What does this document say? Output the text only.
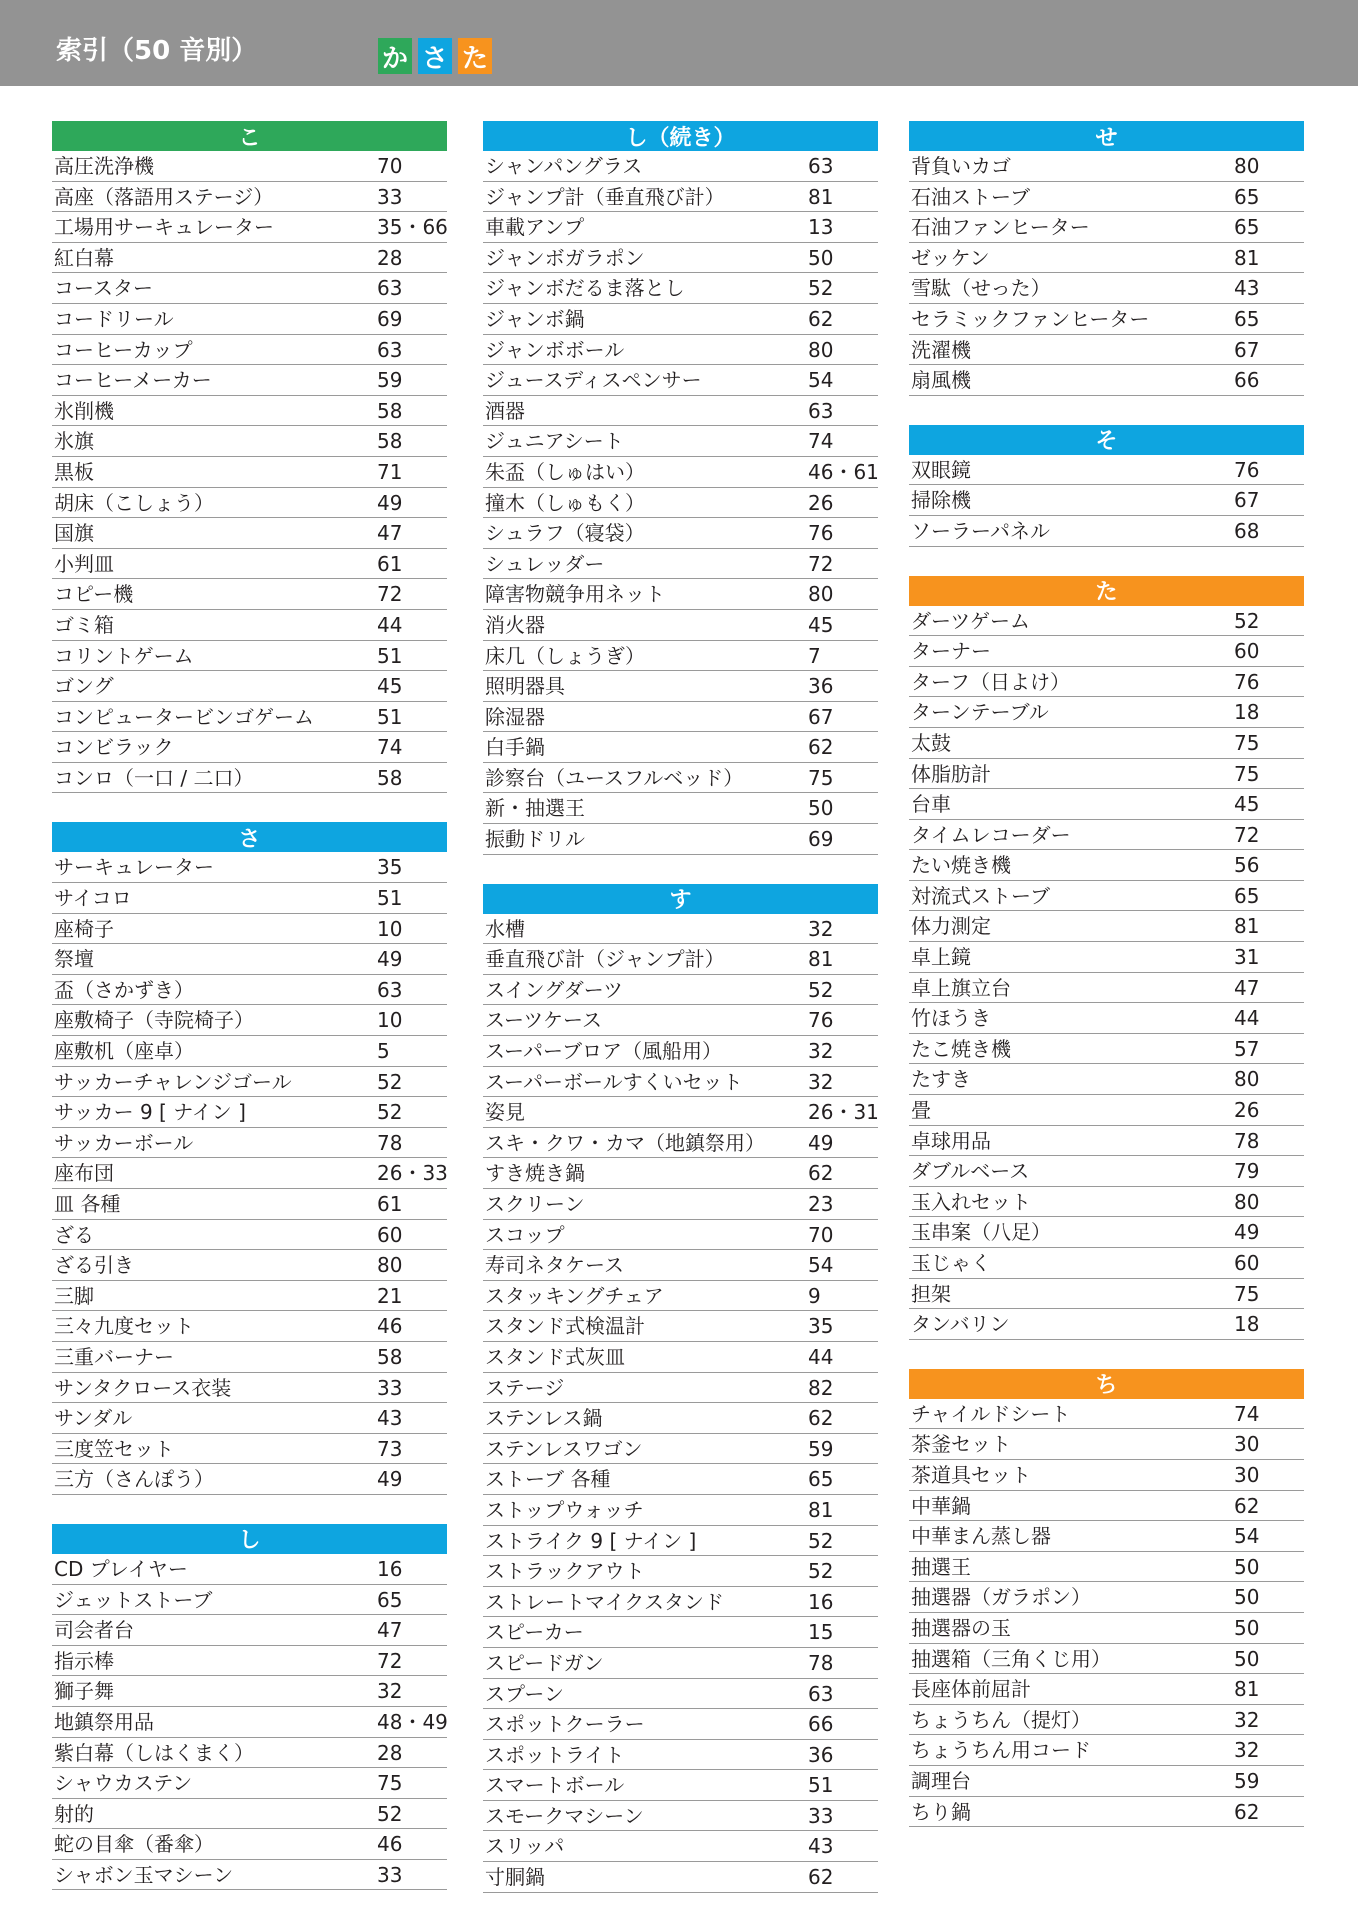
索引（50 音別）	か さ た
こ
高圧洗浄機	70
高座（落語用ステージ）	33
工場用サーキュレーター	35・66
紅白幕	28
コースター	63
コードリール	69
コーヒーカップ	63
コーヒーメーカー	59
氷削機	58
氷旗	58
黒板	71
胡床（こしょう）	49
国旗	47
小判皿	61
コピー機	72
ゴミ箱	44
コリントゲーム	51
ゴング	45
コンピュータービンゴゲーム	51
コンビラック	74
コンロ（一口 / 二口）	58
さ
サーキュレーター	35
サイコロ	51
座椅子	10
祭壇	49
盃（さかずき）	63
座敷椅子（寺院椅子）	10
座敷机（座卓）	5
サッカーチャレンジゴール	52
サッカー 9 [ ナイン ]	52
サッカーボール	78
座布団	26・33
皿 各種	61
ざる	60
ざる引き	80
三脚	21
三々九度セット	46
三重バーナー	58
サンタクロース衣装	33
サンダル	43
三度笠セット	73
三方（さんぽう）	49
し
CD プレイヤー	16
ジェットストーブ	65
司会者台	47
指示棒	72
獅子舞	32
地鎮祭用品	48・49
紫白幕（しはくまく）	28
シャウカステン	75
射的	52
蛇の目傘（番傘）	46
シャボン玉マシーン	33
し（続き）
シャンパングラス	63
ジャンプ計（垂直飛び計）	81
車載アンプ	13
ジャンボガラポン	50
ジャンボだるま落とし	52
ジャンボ鍋	62
ジャンボボール	80
ジュースディスペンサー	54
酒器	63
ジュニアシート	74
朱盃（しゅはい）	46・61
撞木（しゅもく）	26
シュラフ（寝袋）	76
シュレッダー	72
障害物競争用ネット	80
消火器	45
床几（しょうぎ）	7
照明器具	36
除湿器	67
白手鍋	62
診察台（ユースフルベッド）	75
新・抽選王	50
振動ドリル	69
す
水槽	32
垂直飛び計（ジャンプ計）	81
スイングダーツ	52
スーツケース	76
スーパーブロア（風船用）	32
スーパーボールすくいセット	32
姿見	26・31
スキ・クワ・カマ（地鎮祭用） 49
すき焼き鍋	62
スクリーン	23
スコップ	70
寿司ネタケース	54
スタッキングチェア	9
スタンド式検温計	35
スタンド式灰皿	44
ステージ	82
ステンレス鍋	62
ステンレスワゴン	59
ストーブ 各種	65
ストップウォッチ	81
ストライク 9 [ ナイン ]	52
ストラックアウト	52
ストレートマイクスタンド	16
スピーカー	15
スピードガン	78
スプーン	63
スポットクーラー	66
スポットライト	36
スマートボール	51
スモークマシーン	33
スリッパ	43
寸胴鍋	62
せ
背負いカゴ	80
石油ストーブ	65
石油ファンヒーター	65
ゼッケン	81
雪駄（せった）	43
セラミックファンヒーター	65
洗濯機	67
扇風機	66
そ
双眼鏡	76
掃除機	67
ソーラーパネル	68
た
ダーツゲーム	52
ターナー	60
ターフ（日よけ）	76
ターンテーブル	18
太鼓	75
体脂肪計	75
台車	45
タイムレコーダー	72
たい焼き機	56
対流式ストーブ	65
体力測定	81
卓上鏡	31
卓上旗立台	47
竹ほうき	44
たこ焼き機	57
たすき	80
畳	26
卓球用品	78
ダブルベース	79
玉入れセット	80
玉串案（八足）	49
玉じゃく	60
担架	75
タンバリン	18
ち
チャイルドシート	74
茶釜セット	30
茶道具セット	30
中華鍋	62
中華まん蒸し器	54
抽選王	50
抽選器（ガラポン）	50
抽選器の玉	50
抽選箱（三角くじ用）	50
長座体前屈計	81
ちょうちん（提灯）	32
ちょうちん用コード	32
調理台	59
ちり鍋	62
